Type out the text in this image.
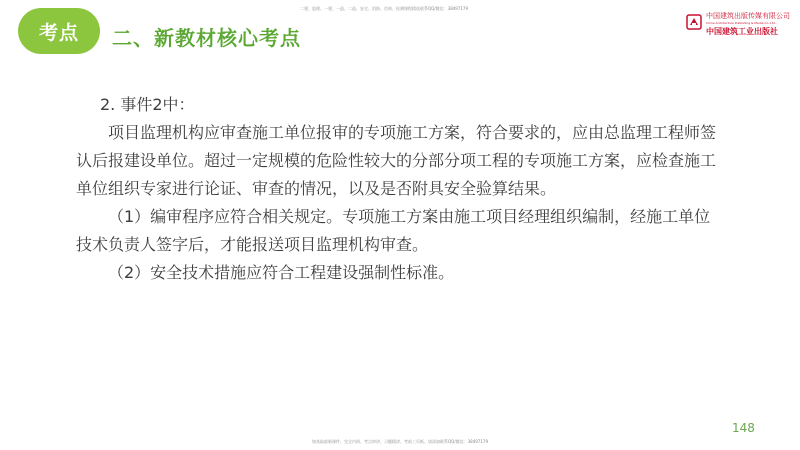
考点	二、新教材核心考点
二建、监理、一建、一造、二造、安全、消防、咨询、检测课程精选联系QQ/微信：38497179
中国建筑出版传媒有限公司
China Architecture Publishing & Media Co.,Ltd.
中国建筑工业出版社

2. 事件2中：

项目监理机构应审查施工单位报审的专项施工方案，符合要求的，应由总监理工程师签认后报建设单位。超过一定规模的危险性较大的分部分项工程的专项施工方案，应检查施工单位组织专家进行论证、审查的情况，以及是否附具安全验算结果。

（1）编审程序应符合相关规定。专项施工方案由施工项目经理组织编制，经施工单位技术负责人签字后，才能报送项目监理机构审查。

（2）安全技术措施应符合工程建设强制性标准。

148
如获取最新课件、完全内训、考点串讲、习题精讲、考前三页纸、请添加联系QQ/微信：38497179
